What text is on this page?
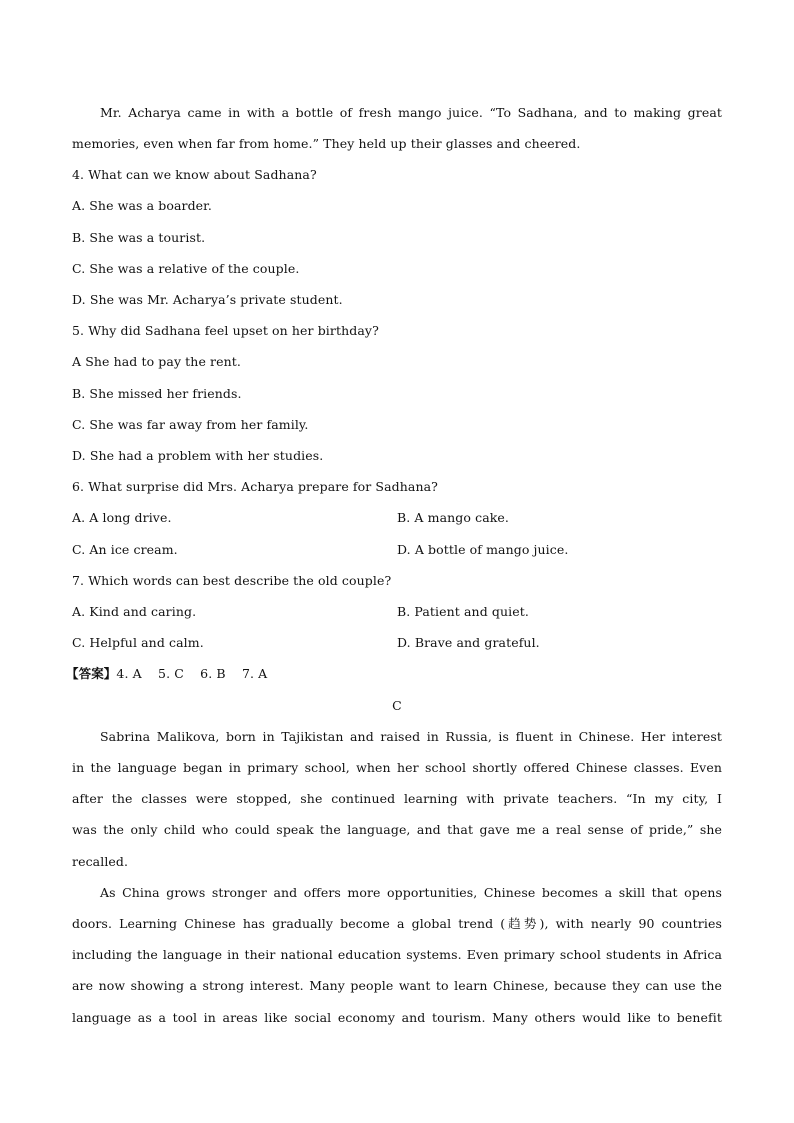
Mr. Acharya came in with a bottle of fresh mango juice. “To Sadhana, and to making great
memories, even when far from home.” They held up their glasses and cheered.
4. What can we know about Sadhana?
A. She was a boarder.
B. She was a tourist.
C. She was a relative of the couple.
D. She was Mr. Acharya’s private student.
5. Why did Sadhana feel upset on her birthday?
A She had to pay the rent.
B. She missed her friends.
C. She was far away from her family.
D. She had a problem with her studies.
6. What surprise did Mrs. Acharya prepare for Sadhana?
A. A long drive.	B. A mango cake.
C. An ice cream.	D. A bottle of mango juice.
7. Which words can best describe the old couple?
A. Kind and caring.	B. Patient and quiet.
C. Helpful and calm.	D. Brave and grateful.
【答案】4. A    5. C    6. B    7. A
C
Sabrina Malikova, born in Tajikistan and raised in Russia, is fluent in Chinese. Her interest
in the language began in primary school, when her school shortly offered Chinese classes. Even
after the classes were stopped, she continued learning with private teachers. “In my city, I
was the only child who could speak the language, and that gave me a real sense of pride,” she
recalled.
As China grows stronger and offers more opportunities, Chinese becomes a skill that opens
doors. Learning Chinese has gradually become a global trend (趋势), with nearly 90 countries
including the language in their national education systems. Even primary school students in Africa
are now showing a strong interest. Many people want to learn Chinese, because they can use the
language as a tool in areas like social economy and tourism. Many others would like to benefit
